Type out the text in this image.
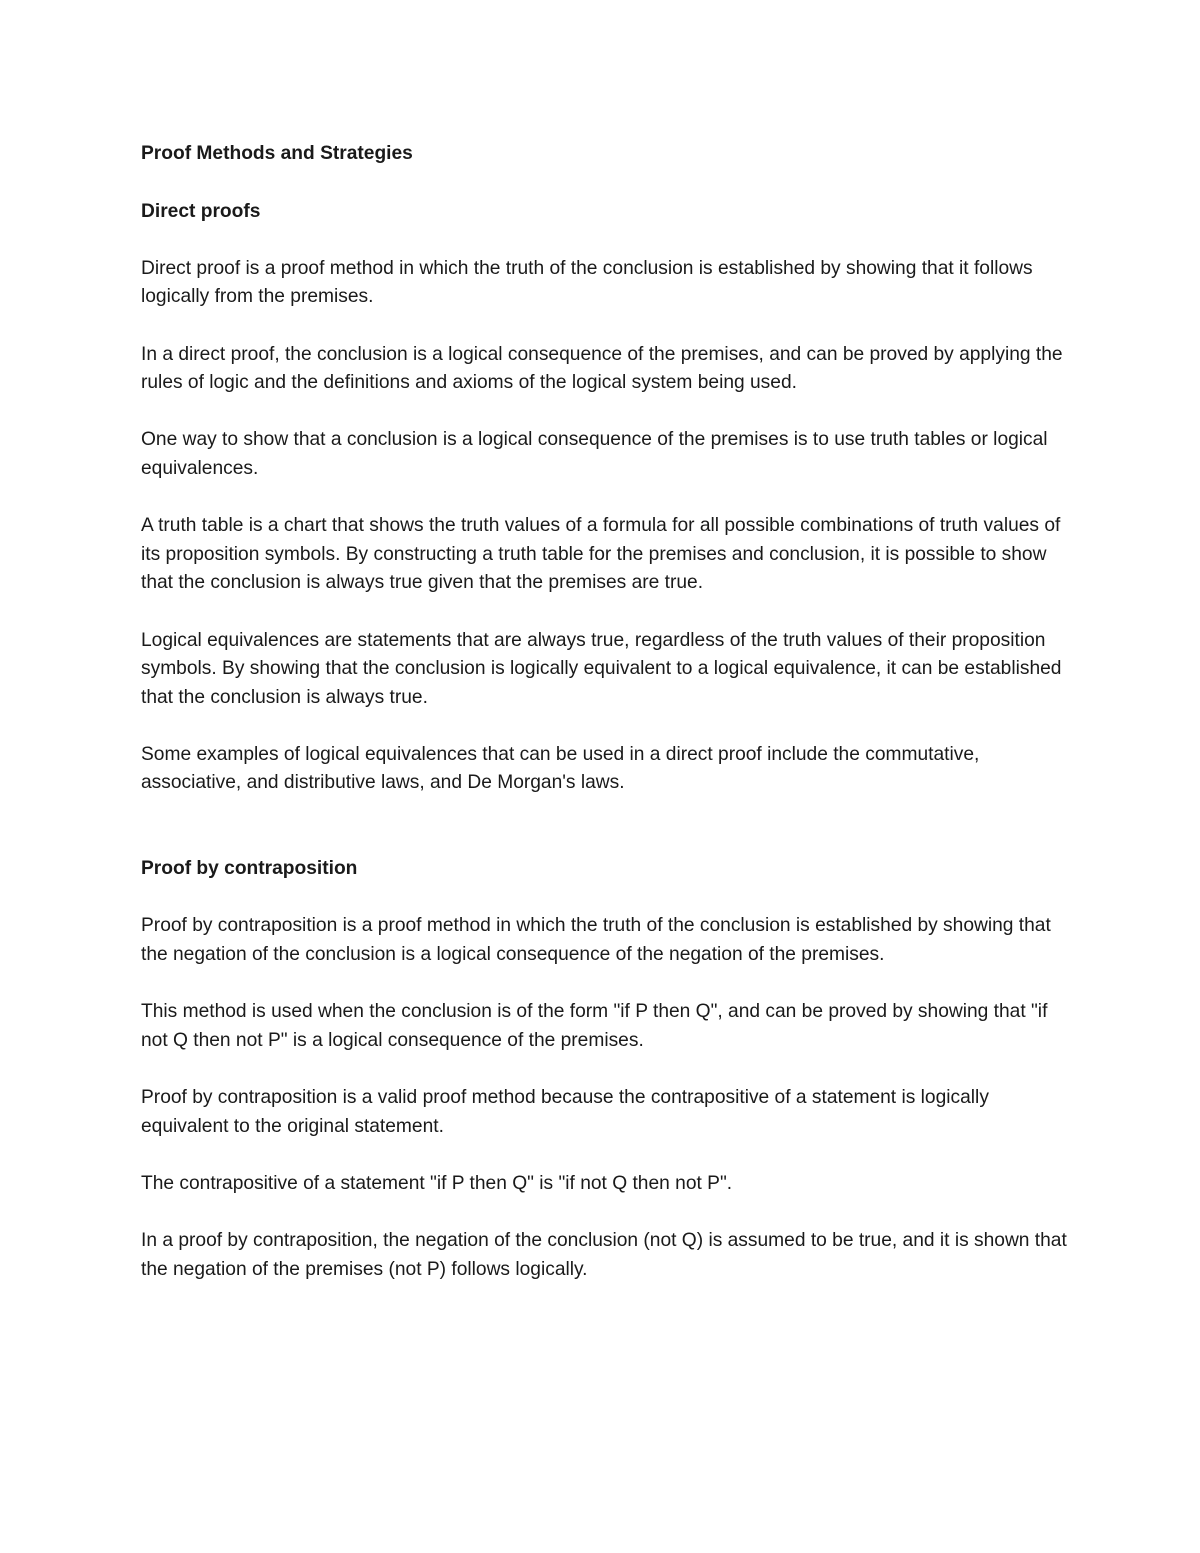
Proof Methods and Strategies
Direct proofs

Direct proof is a proof method in which the truth of the conclusion is established by showing that it follows logically from the premises.

In a direct proof, the conclusion is a logical consequence of the premises, and can be proved by applying the rules of logic and the definitions and axioms of the logical system being used.

One way to show that a conclusion is a logical consequence of the premises is to use truth tables or logical equivalences.

A truth table is a chart that shows the truth values of a formula for all possible combinations of truth values of its proposition symbols. By constructing a truth table for the premises and conclusion, it is possible to show that the conclusion is always true given that the premises are true.

Logical equivalences are statements that are always true, regardless of the truth values of their proposition symbols. By showing that the conclusion is logically equivalent to a logical equivalence, it can be established that the conclusion is always true.

Some examples of logical equivalences that can be used in a direct proof include the commutative, associative, and distributive laws, and De Morgan's laws.

Proof by contraposition

Proof by contraposition is a proof method in which the truth of the conclusion is established by showing that the negation of the conclusion is a logical consequence of the negation of the premises.

This method is used when the conclusion is of the form "if P then Q", and can be proved by showing that "if not Q then not P" is a logical consequence of the premises.

Proof by contraposition is a valid proof method because the contrapositive of a statement is logically equivalent to the original statement.

The contrapositive of a statement "if P then Q" is "if not Q then not P".

In a proof by contraposition, the negation of the conclusion (not Q) is assumed to be true, and it is shown that the negation of the premises (not P) follows logically.
